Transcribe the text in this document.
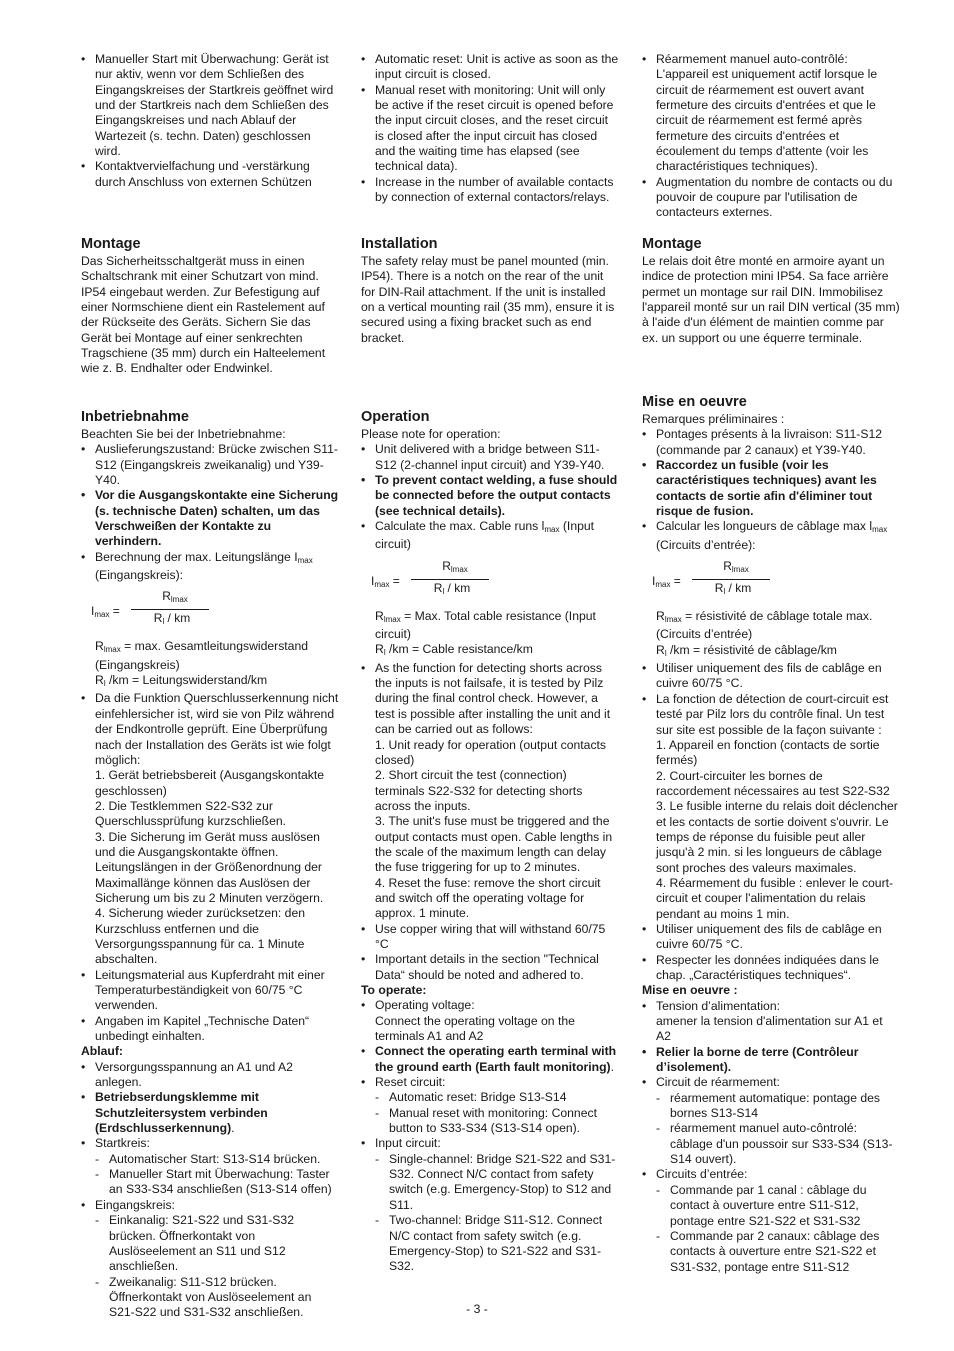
• Manueller Start mit Überwachung: Gerät ist nur aktiv, wenn vor dem Schließen des Eingangskreises der Startkreis geöffnet wird und der Startkreis nach dem Schließen des Eingangskreises und nach Ablauf der Wartezeit (s. techn. Daten) geschlossen wird.
• Kontaktvervielfachung und -verstärkung durch Anschluss von externen Schützen
Montage

Das Sicherheitsschaltgerät muss in einen Schaltschrank mit einer Schutzart von mind. IP54 eingebaut werden. Zur Befestigung auf einer Normschiene dient ein Rastelement auf der Rückseite des Geräts. Sichern Sie das Gerät bei Montage auf einer senkrechten Tragschiene (35 mm) durch ein Halteelement wie z. B. Endhalter oder Endwinkel.

Inbetriebnahme

Beachten Sie bei der Inbetriebnahme:

• Auslieferungszustand: Brücke zwischen S11-S12 (Eingangskreis zweikanalig) und Y39-Y40.
• Vor die Ausgangskontakte eine Sicherung (s. technische Daten) schalten, um das Verschweißen der Kontakte zu verhindern.
• Berechnung der max. Leitungslänge Imax (Eingangskreis):
Imax =
Rlmax
Rl / km

Rlmax = max. Gesamtleitungswiderstand (Eingangskreis)

Rl /km = Leitungswiderstand/km

• Da die Funktion Querschlusserkennung nicht einfehlersicher ist, wird sie von Pilz während der Endkontrolle geprüft. Eine Überprüfung nach der Installation des Geräts ist wie folgt möglich:

1. Gerät betriebsbereit (Ausgangskontakte geschlossen)

2. Die Testklemmen S22-S32 zur Querschlussprüfung kurzschließen.

3. Die Sicherung im Gerät muss auslösen und die Ausgangskontakte öffnen. Leitungslängen in der Größenordnung der Maximallänge können das Auslösen der Sicherung um bis zu 2 Minuten verzögern.

4. Sicherung wieder zurücksetzen: den Kurzschluss entfernen und die Versorgungsspannung für ca. 1 Minute abschalten.

• Leitungsmaterial aus Kupferdraht mit einer Temperaturbeständigkeit von 60/75 °C verwenden.
• Angaben im Kapitel „Technische Daten“ unbedingt einhalten.

Ablauf:

• Versorgungsspannung an A1 und A2 anlegen.
• Betriebserdungsklemme mit Schutzleitersystem verbinden (Erdschlusserkennung).
• Startkreis:
- Automatischer Start: S13-S14 brücken.
- Manueller Start mit Überwachung: Taster an S33-S34 anschließen (S13-S14 offen)
• Eingangskreis:
- Einkanalig: S21-S22 und S31-S32 brücken. Öffnerkontakt von Auslöseelement an S11 und S12 anschließen.
- Zweikanalig: S11-S12 brücken. Öffnerkontakt von Auslöseelement an S21-S22 und S31-S32 anschließen.
• Automatic reset: Unit is active as soon as the input circuit is closed.
• Manual reset with monitoring: Unit will only be active if the reset circuit is opened before the input circuit closes, and the reset circuit is closed after the input circuit has closed and the waiting time has elapsed (see technical data).
• Increase in the number of available contacts by connection of external contactors/relays.
Installation

The safety relay must be panel mounted (min. IP54). There is a notch on the rear of the unit for DIN-Rail attachment. If the unit is installed on a vertical mounting rail (35 mm), ensure it is secured using a fixing bracket such as end bracket.

Operation

Please note for operation:

• Unit delivered with a bridge between S11-S12 (2-channel input circuit) and Y39-Y40.
• To prevent contact welding, a fuse should be connected before the output contacts (see technical details).
• Calculate the max. Cable runs lmax (Input circuit)
Imax =
Rlmax
Rl / km

Rlmax = Max. Total cable resistance (Input circuit)

Rl /km = Cable resistance/km

• As the function for detecting shorts across the inputs is not failsafe, it is tested by Pilz during the final control check. However, a test is possible after installing the unit and it can be carried out as follows:

1. Unit ready for operation (output contacts closed)

2. Short circuit the test (connection) terminals S22-S32 for detecting shorts across the inputs.

3. The unit's fuse must be triggered and the output contacts must open. Cable lengths in the scale of the maximum length can delay the fuse triggering for up to 2 minutes.

4. Reset the fuse: remove the short circuit and switch off the operating voltage for approx. 1 minute.

• Use copper wiring that will withstand 60/75 °C
• Important details in the section "Technical Data“ should be noted and adhered to.

To operate:

• Operating voltage:

Connect the operating voltage on the terminals A1 and A2

• Connect the operating earth terminal with the ground earth (Earth fault monitoring).
• Reset circuit:
- Automatic reset: Bridge S13-S14
- Manual reset with monitoring: Connect button to S33-S34 (S13-S14 open).
• Input circuit:
- Single-channel: Bridge S21-S22 and S31-S32. Connect N/C contact from safety switch (e.g. Emergency-Stop) to S12 and S11.
- Two-channel: Bridge S11-S12. Connect N/C contact from safety switch (e.g. Emergency-Stop) to S21-S22 and S31-S32.
• Réarmement manuel auto-contrôlé: L'appareil est uniquement actif lorsque le circuit de réarmement est ouvert avant fermeture des circuits d'entrées et que le circuit de réarmement est fermé après fermeture des circuits d'entrées et écoulement du temps d'attente (voir les charactéristiques techniques).
• Augmentation du nombre de contacts ou du pouvoir de coupure par l'utilisation de contacteurs externes.
Montage

Le relais doit être monté en armoire ayant un indice de protection mini IP54. Sa face arrière permet un montage sur rail DIN. Immobilisez l'appareil monté sur un rail DIN vertical (35 mm) à l'aide d'un élément de maintien comme par ex. un support ou une équerre terminale.

Mise en oeuvre

Remarques préliminaires :

• Pontages présents à la livraison: S11-S12 (commande par 2 canaux) et Y39-Y40.
• Raccordez un fusible (voir les caractéristiques techniques) avant les contacts de sortie afin d'éliminer tout risque de fusion.
• Calcular les longueurs de câblage max lmax (Circuits d’entrée):
Imax =
Rlmax
Rl / km

Rlmax = résistivité de câblage totale max. (Circuits d’entrée)

Rl /km = résistivité de câblage/km

• Utiliser uniquement des fils de cablâge en cuivre 60/75 °C.
• La fonction de détection de court-circuit est testé par Pilz lors du contrôle final. Un test sur site est possible de la façon suivante :

1. Appareil en fonction (contacts de sortie fermés)

2. Court-circuiter les bornes de raccordement nécessaires au test S22-S32

3. Le fusible interne du relais doit déclencher et les contacts de sortie doivent s'ouvrir. Le temps de réponse du fuisible peut aller jusqu'à 2 min. si les longueurs de câblage sont proches des valeurs maximales.

4. Réarmement du fusible : enlever le court-circuit et couper l'alimentation du relais pendant au moins 1 min.

• Utiliser uniquement des fils de cablâge en cuivre 60/75 °C.
• Respecter les données indiquées dans le chap. „Caractéristiques techniques“.

Mise en oeuvre :

• Tension d’alimentation:

amener la tension d'alimentation sur A1 et A2

• Relier la borne de terre (Contrôleur d’isolement).
• Circuit de réarmement:
- réarmement automatique: pontage des bornes S13-S14
- réarmement manuel auto-côntrolé: câblage d'un poussoir sur S33-S34 (S13-S14 ouvert).
• Circuits d’entrée:
- Commande par 1 canal : câblage du contact à ouverture entre S11-S12, pontage entre S21-S22 et S31-S32
- Commande par 2 canaux: câblage des contacts à ouverture entre S21-S22 et S31-S32, pontage entre S11-S12
- 3 -
